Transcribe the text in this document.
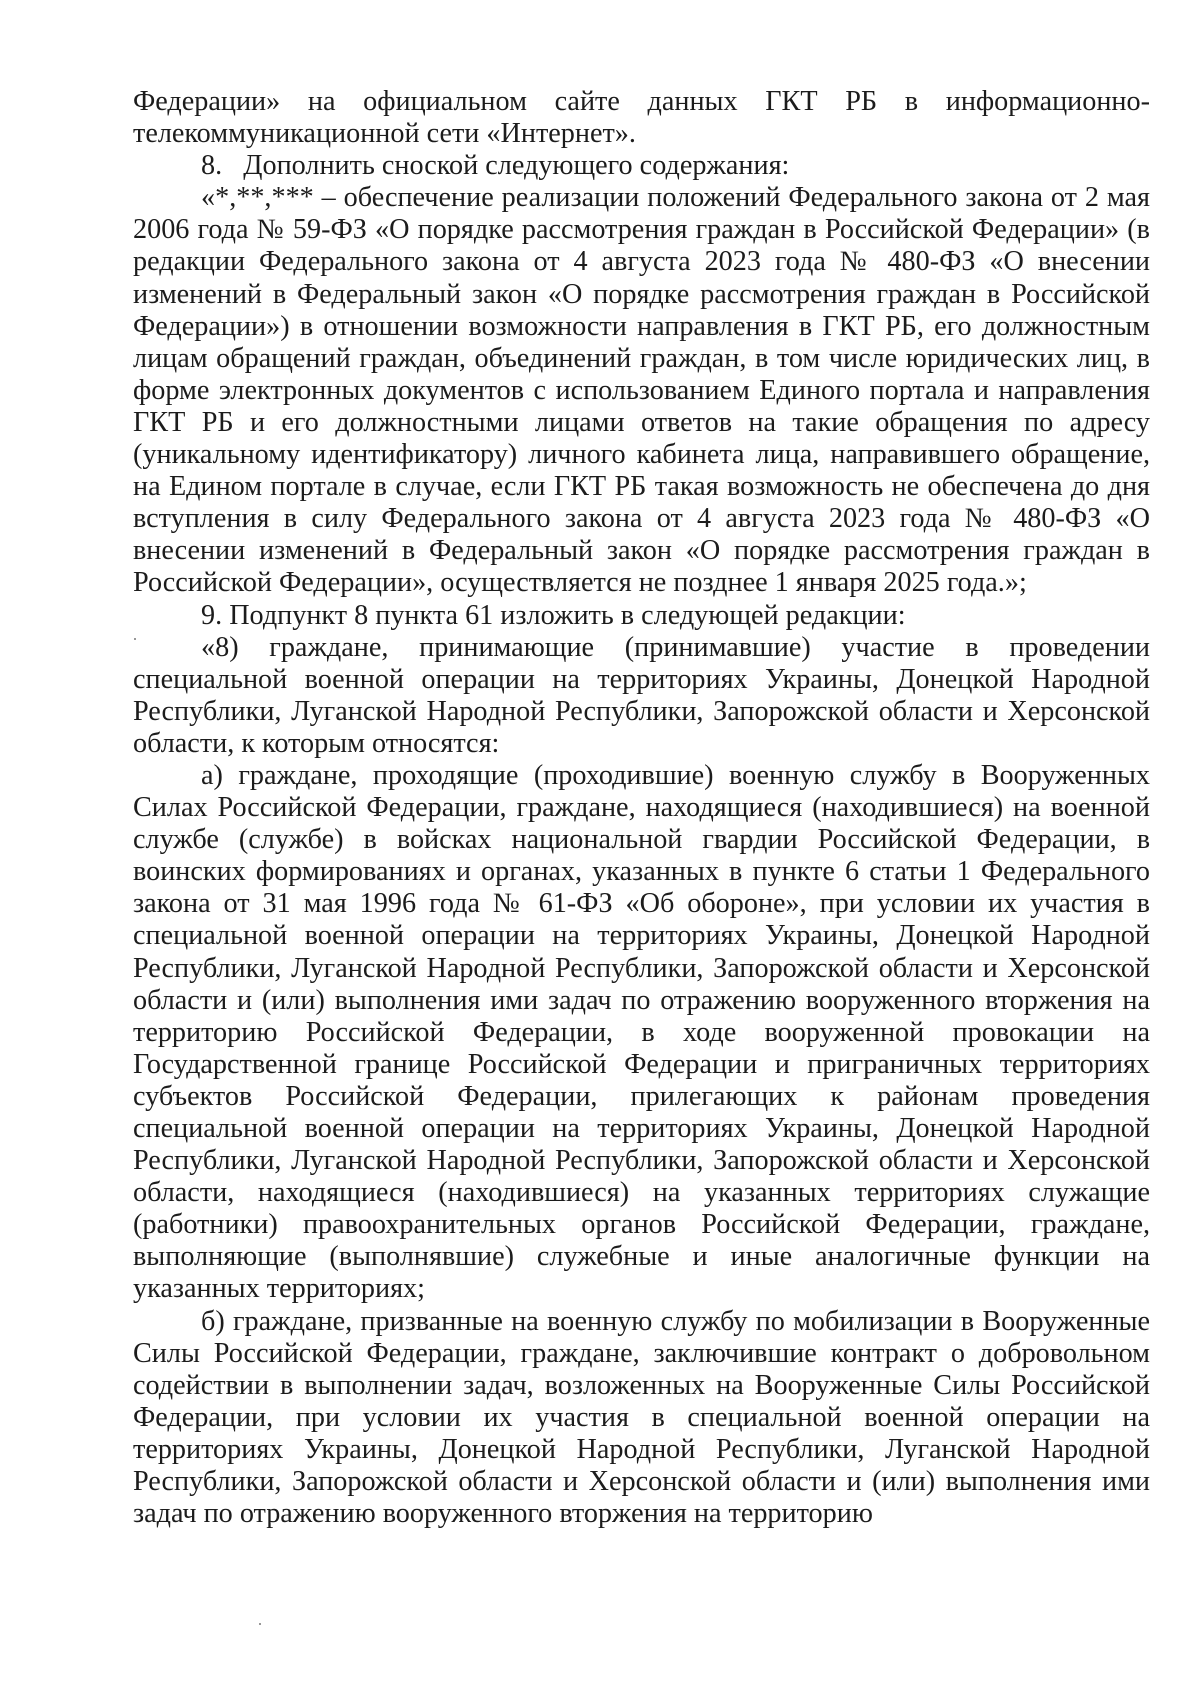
Федерации» на официальном сайте данных ГКТ РБ в информационно-телекоммуникационной сети «Интернет».

8.   Дополнить сноской следующего содержания:

«*,**,*** – обеспечение реализации положений Федерального закона от 2 мая 2006 года № 59-ФЗ «О порядке рассмотрения граждан в Российской Федерации» (в редакции Федерального закона от 4 августа 2023 года № 480-ФЗ «О внесении изменений в Федеральный закон «О порядке рассмотрения граждан в Российской Федерации») в отношении возможности направления в ГКТ РБ, его должностным лицам обращений граждан, объединений граждан, в том числе юридических лиц, в форме электронных документов с использованием Единого портала и направления ГКТ РБ и его должностными лицами ответов на такие обращения по адресу (уникальному идентификатору) личного кабинета лица, направившего обращение, на Едином портале в случае, если ГКТ РБ такая возможность не обеспечена до дня вступления в силу Федерального закона от 4 августа 2023 года № 480-ФЗ «О внесении изменений в Федеральный закон «О порядке рассмотрения граждан в Российской Федерации», осуществляется не позднее 1 января 2025 года.»;

9. Подпункт 8 пункта 61 изложить в следующей редакции:

«8) граждане, принимающие (принимавшие) участие в проведении специальной военной операции на территориях Украины, Донецкой Народной Республики, Луганской Народной Республики, Запорожской области и Херсонской области, к которым относятся:

а) граждане, проходящие (проходившие) военную службу в Вооруженных Силах Российской Федерации, граждане, находящиеся (находившиеся) на военной службе (службе) в войсках национальной гвардии Российской Федерации, в воинских формированиях и органах, указанных в пункте 6 статьи 1 Федерального закона от 31 мая 1996 года № 61-ФЗ «Об обороне», при условии их участия в специальной военной операции на территориях Украины, Донецкой Народной Республики, Луганской Народной Республики, Запорожской области и Херсонской области и (или) выполнения ими задач по отражению вооруженного вторжения на территорию Российской Федерации, в ходе вооруженной провокации на Государственной границе Российской Федерации и приграничных территориях субъектов Российской Федерации, прилегающих к районам проведения специальной военной операции на территориях Украины, Донецкой Народной Республики, Луганской Народной Республики, Запорожской области и Херсонской области, находящиеся (находившиеся) на указанных территориях служащие (работники) правоохранительных органов Российской Федерации, граждане, выполняющие (выполнявшие) служебные и иные аналогичные функции на указанных территориях;

б) граждане, призванные на военную службу по мобилизации в Вооруженные Силы Российской Федерации, граждане, заключившие контракт о добровольном содействии в выполнении задач, возложенных на Вооруженные Силы Российской Федерации, при условии их участия в специальной военной операции на территориях Украины, Донецкой Народной Республики, Луганской Народной Республики, Запорожской области и Херсонской области и (или) выполнения ими задач по отражению вооруженного вторжения на территорию
